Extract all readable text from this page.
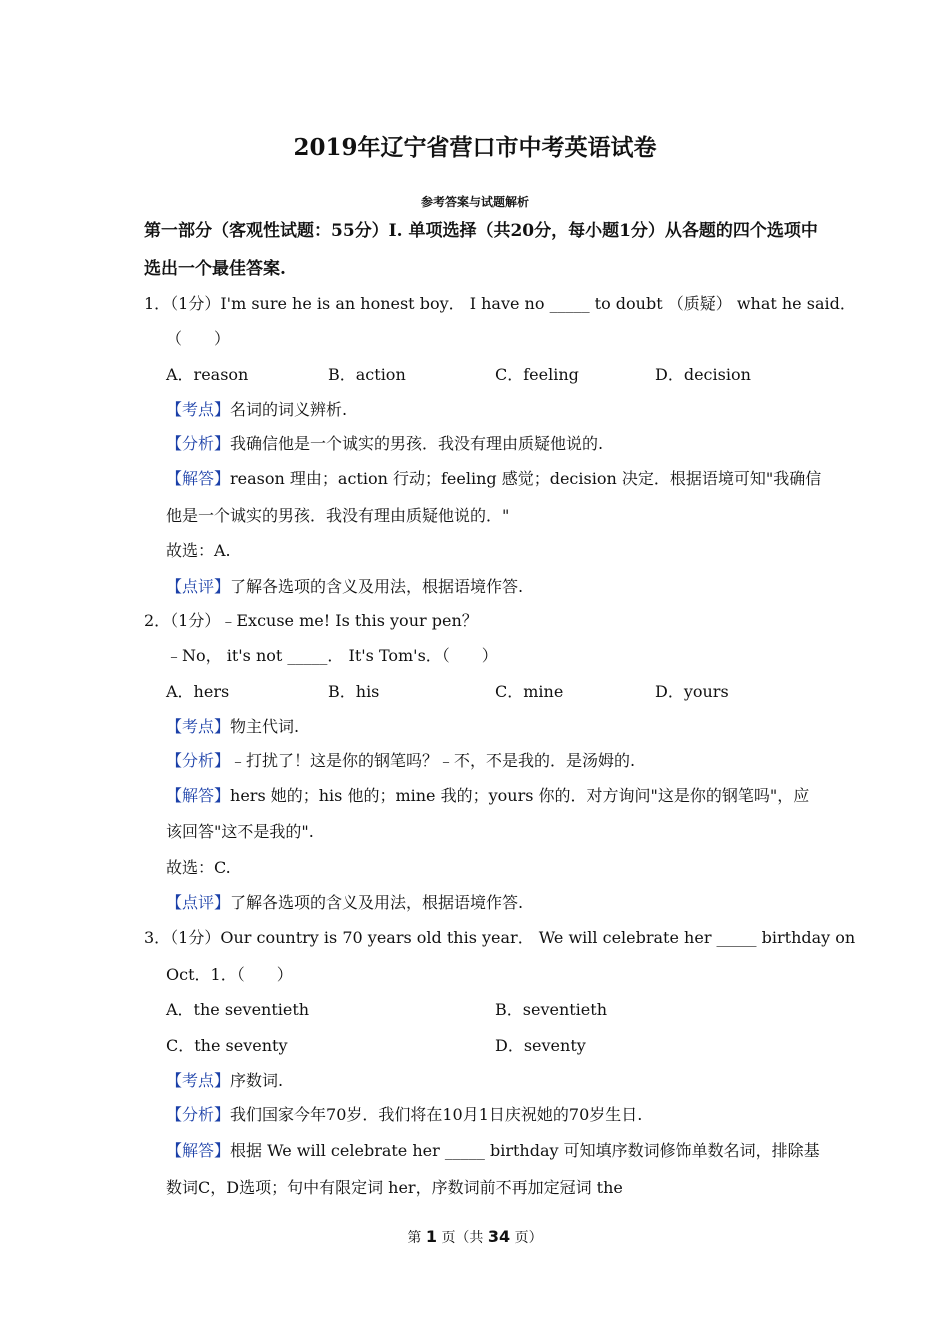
2019年辽宁省营口市中考英语试卷
参考答案与试题解析
第一部分（客观性试题：55分）I. 单项选择（共20分，每小题1分）从各题的四个选项中
选出一个最佳答案.
1．（1分）I'm sure he is an honest boy． I have no _____ to doubt （质疑） what he said．
（　　）
A．reason	B．action	C．feeling	D．decision
【考点】名词的词义辨析.
【分析】我确信他是一个诚实的男孩．我没有理由质疑他说的.
【解答】reason 理由；action 行动；feeling 感觉；decision 决定．根据语境可知"我确信
他是一个诚实的男孩．我没有理由质疑他说的．"
故选：A.
【点评】了解各选项的含义及用法，根据语境作答.
2．（1分）﹣Excuse me! Is this your pen？
﹣No， it's not _____． It's Tom's．（　　）
A．hers	B．his	C．mine	D．yours
【考点】物主代词.
【分析】﹣打扰了！这是你的钢笔吗？﹣不，不是我的．是汤姆的.
【解答】hers 她的；his 他的；mine 我的；yours 你的．对方询问"这是你的钢笔吗"，应
该回答"这不是我的".
故选：C.
【点评】了解各选项的含义及用法，根据语境作答.
3．（1分）Our country is 70 years old this year． We will celebrate her _____ birthday on
Oct．1．（　　）
A．the seventieth	B．seventieth
C．the seventy	D．seventy
【考点】序数词.
【分析】我们国家今年70岁．我们将在10月1日庆祝她的70岁生日.
【解答】根据 We will celebrate her _____ birthday 可知填序数词修饰单数名词，排除基
数词C，D选项；句中有限定词 her，序数词前不再加定冠词 the
第 1 页（共 34 页）
